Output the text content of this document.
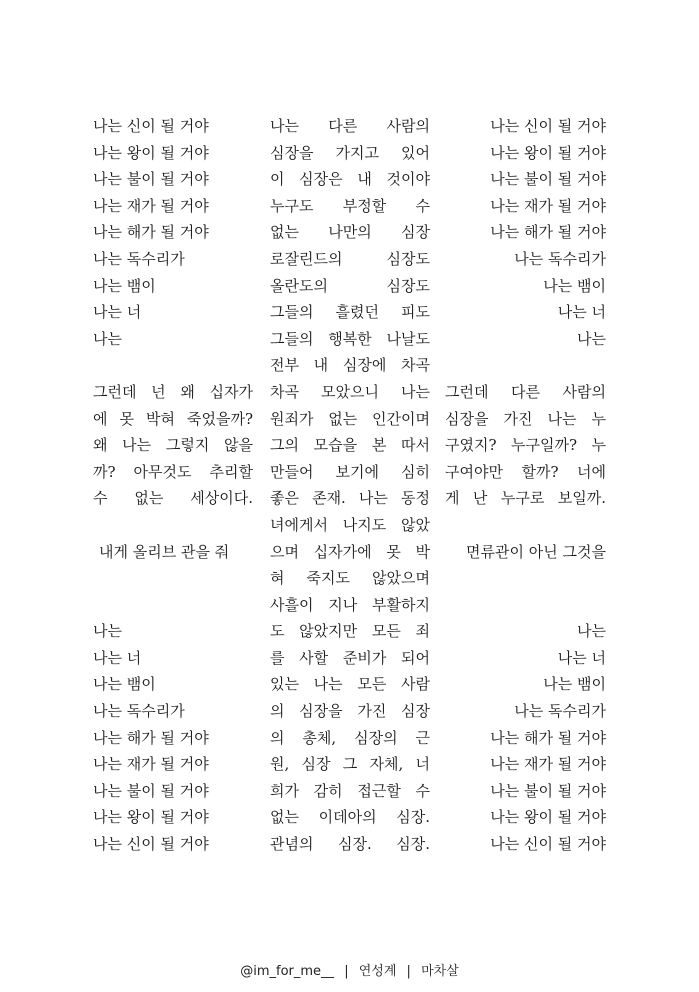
나는 신이 될 거야

나는 왕이 될 거야

나는 불이 될 거야

나는 재가 될 거야

나는 해가 될 거야

나는 독수리가

나는 뱀이

나는 너

나는

그런데 넌 왜 십자가

에 못 박혀 죽었을까?

왜 나는 그렇지 않을

까? 아무것도 추리할

수 없는 세상이다.

내게 올리브 관을 줘

나는

나는 너

나는 뱀이

나는 독수리가

나는 해가 될 거야

나는 재가 될 거야

나는 불이 될 거야

나는 왕이 될 거야

나는 신이 될 거야

나는 다른 사람의

심장을 가지고 있어

이 심장은 내 것이야

누구도 부정할 수

없는 나만의 심장

로잘린드의 심장도

올란도의 심장도

그들의 흘렸던 피도

그들의 행복한 나날도

전부 내 심장에 차곡

차곡 모았으니 나는

원죄가 없는 인간이며

그의 모습을 본 따서

만들어 보기에 심히

좋은 존재. 나는 동정

녀에게서 나지도 않았

으며 십자가에 못 박

혀 죽지도 않았으며

사흘이 지나 부활하지

도 않았지만 모든 죄

를 사할 준비가 되어

있는 나는 모든 사람

의 심장을 가진 심장

의 총체, 심장의 근

원, 심장 그 자체, 너

희가 감히 접근할 수

없는 이데아의 심장.

관념의 심장. 심장.

나는 신이 될 거야

나는 왕이 될 거야

나는 불이 될 거야

나는 재가 될 거야

나는 해가 될 거야

나는 독수리가

나는 뱀이

나는 너

나는

그런데 다른 사람의

심장을 가진 나는 누

구였지? 누구일까? 누

구여야만 할까? 너에

게 난 누구로 보일까.

면류관이 아닌 그것을

나는

나는 너

나는 뱀이

나는 독수리가

나는 해가 될 거야

나는 재가 될 거야

나는 불이 될 거야

나는 왕이 될 거야

나는 신이 될 거야

@im_for_me__ | 연성계 | 마차살
